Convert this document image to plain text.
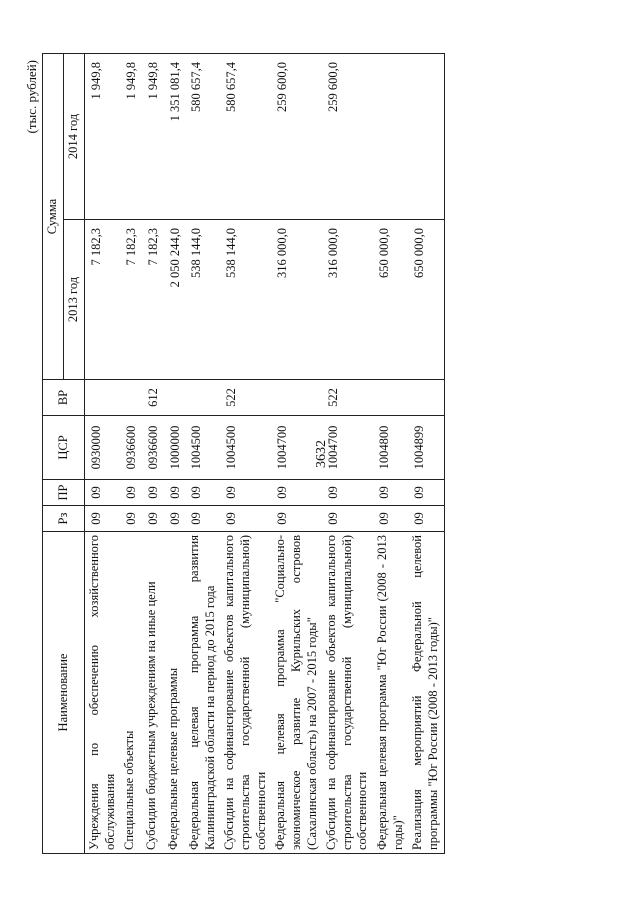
3632
(тыс. рублей)
Наименование	Рз	ПР	ЦСР	ВР	Сумма	
					2013 год	2014 год
Учреждения по обеспечению хозяйственного обслуживания	09	09	0930000		7 182,3	1 949,8
Специальные объекты	09	09	0936600		7 182,3	1 949,8
Субсидии бюджетным учреждениям на иные цели	09	09	0936600	612	7 182,3	1 949,8
Федеральные целевые программы	09	09	1000000		2 050 244,0	1 351 081,4
Федеральная целевая программа развития Калининградской области на период до 2015 года	09	09	1004500		538 144,0	580 657,4
Субсидии на софинансирование объектов капитального строительства государственной (муниципальной) собственности	09	09	1004500	522	538 144,0	580 657,4
Федеральная целевая программа "Социально-экономическое развитие Курильских островов (Сахалинская область) на 2007 - 2015 годы"	09	09	1004700		316 000,0	259 600,0
Субсидии на софинансирование объектов капитального строительства государственной (муниципальной) собственности	09	09	1004700	522	316 000,0	259 600,0
Федеральная целевая программа "Юг России (2008 - 2013 годы)"	09	09	1004800		650 000,0	
Реализация мероприятий Федеральной целевой программы "Юг России (2008 - 2013 годы)"	09	09	1004899		650 000,0	
